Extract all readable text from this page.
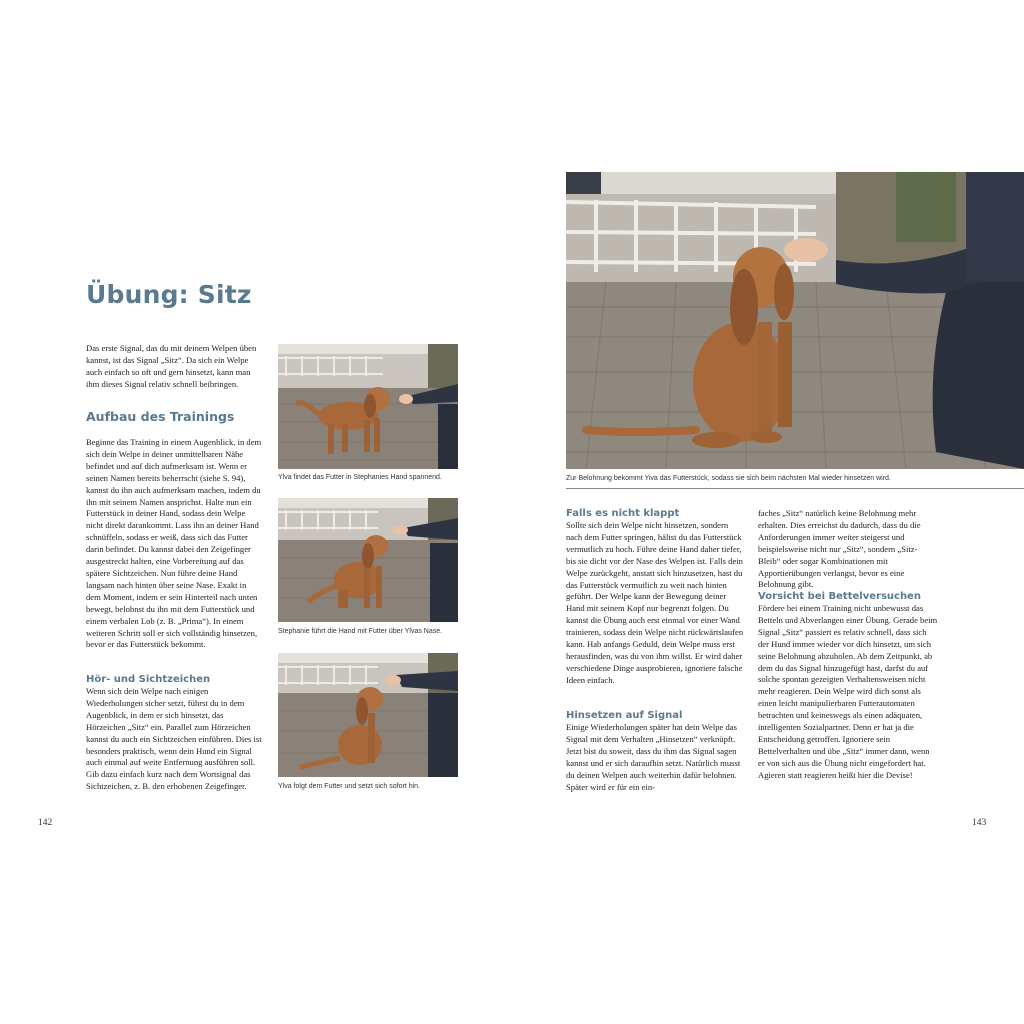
Übung: Sitz

Das erste Signal, das du mit deinem Welpen üben kannst, ist das Signal „Sitz“. Da sich ein Welpe auch einfach so oft und gern hinsetzt, kann man ihm dieses Signal relativ schnell beibringen.

Aufbau des Trainings

Beginne das Training in einem Augenblick, in dem sich dein Welpe in deiner unmittelbaren Nähe befindet und auf dich aufmerksam ist. Wenn er seinen Namen bereits beherrscht (siehe S. 94), kannst du ihn auch aufmerksam machen, indem du ihn mit seinem Namen ansprichst. Halte nun ein Futterstück in deiner Hand, sodass dein Welpe nicht direkt darankommt. Lass ihn an deiner Hand schnüffeln, sodass er weiß, dass sich das Futter darin befindet. Du kannst dabei den Zeigefinger ausgestreckt halten, eine Vorbereitung auf das spätere Sichtzeichen. Nun führe deine Hand langsam nach hinten über seine Nase. Exakt in dem Moment, indem er sein Hinterteil nach unten bewegt, belohnst du ihn mit dem Futterstück und einem verbalen Lob (z. B. „Prima“). In einem weiteren Schritt soll er sich vollständig hinsetzen, bevor er das Futterstück bekommt.

Hör- und Sichtzeichen

Wenn sich dein Welpe nach einigen Wiederholungen sicher setzt, führst du in dem Augenblick, in dem er sich hinsetzt, das Hörzeichen „Sitz“ ein. Parallel zum Hörzeichen kannst du auch ein Sichtzeichen einführen. Dies ist besonders praktisch, wenn dein Hund ein Signal auch einmal auf weite Entfernung ausführen soll. Gib dazu einfach kurz nach dem Wortsignal das Sichtzeichen, z. B. den erhobenen Zeigefinger.

Ylva findet das Futter in Stephanies Hand spannend.
Stephanie führt die Hand mit Futter über Ylvas Nase.
Ylva folgt dem Futter und setzt sich sofort hin.
142
Zur Belohnung bekommt Yiva das Futterstück, sodass sie sich beim nächsten Mal wieder hinsetzen wird.
Falls es nicht klappt

Sollte sich dein Welpe nicht hinsetzen, sondern nach dem Futter springen, hältst du das Futterstück vermutlich zu hoch. Führe deine Hand daher tiefer, bis sie dicht vor der Nase des Welpen ist. Falls dein Welpe zurückgeht, anstatt sich hinzusetzen, hast du das Futterstück vermutlich zu weit nach hinten geführt. Der Welpe kann der Bewegung deiner Hand mit seinem Kopf nur begrenzt folgen. Du kannst die Übung auch erst einmal vor einer Wand trainieren, sodass dein Welpe nicht rückwärtslaufen kann. Hab anfangs Geduld, dein Welpe muss erst herausfinden, was du von ihm willst. Er wird daher verschiedene Dinge ausprobieren, ignoriere falsche Ideen einfach.

Hinsetzen auf Signal

Einige Wiederholungen später hat dein Welpe das Signal mit dem Verhalten „Hinsetzen“ verknüpft. Jetzt bist du soweit, dass du ihm das Signal sagen kannst und er sich daraufhin setzt. Natürlich musst du deinen Welpen auch weiterhin dafür belohnen. Später wird er für ein ein-

faches „Sitz“ natürlich keine Belohnung mehr erhalten. Dies erreichst du dadurch, dass du die Anforderungen immer weiter steigerst und beispielsweise nicht nur „Sitz“, sondern „Sitz-Bleib“ oder sogar Kombinationen mit Apportierübungen verlangst, bevor es eine Belohnung gibt.

Vorsicht bei Bettelversuchen

Fördere bei einem Training nicht unbewusst das Betteln und Abverlangen einer Übung. Gerade beim Signal „Sitz“ passiert es relativ schnell, dass sich der Hund immer wieder vor dich hinsetzt, um sich seine Belohnung abzuholen. Ab dem Zeitpunkt, ab dem du das Signal hinzugefügt hast, darfst du auf solche spontan gezeigten Verhaltensweisen nicht mehr reagieren. Dein Welpe wird dich sonst als einen leicht manipulierbaren Futterautomaten betrachten und keineswegs als einen adäquaten, intelligenten Sozialpartner. Denn er hat ja die Entscheidung getroffen. Ignoriere sein Bettelverhalten und übe „Sitz“ immer dann, wenn er von sich aus die Übung nicht eingefordert hat. Agieren statt reagieren heißt hier die Devise!

143
